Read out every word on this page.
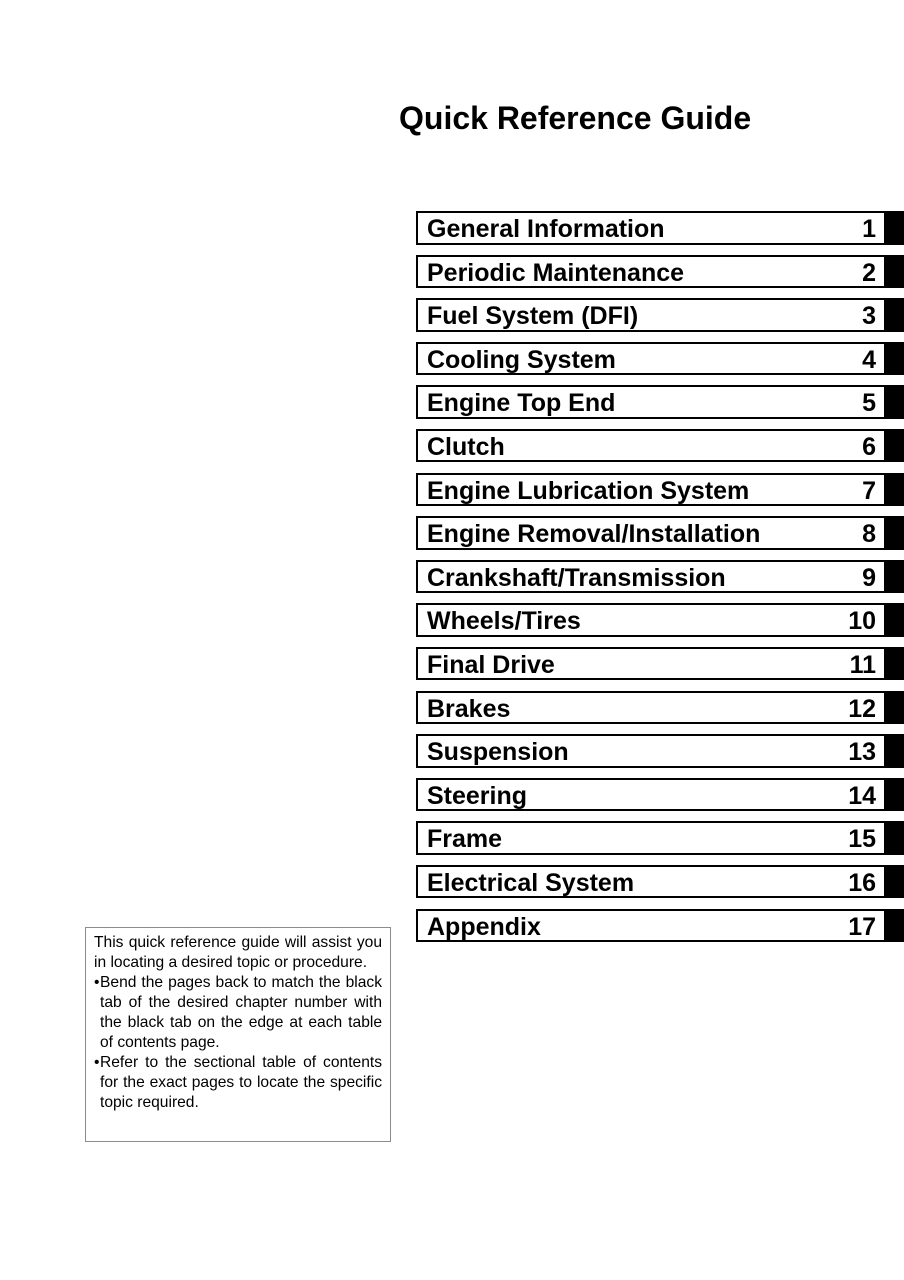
Quick Reference Guide
General Information	1
Periodic Maintenance	2
Fuel System (DFI)	3
Cooling System	4
Engine Top End	5
Clutch	6
Engine Lubrication System	7
Engine Removal/Installation	8
Crankshaft/Transmission	9
Wheels/Tires	10
Final Drive	11
Brakes	12
Suspension	13
Steering	14
Frame	15
Electrical System	16
Appendix	17

This quick reference guide will assist you in locating a desired topic or procedure.

• Bend the pages back to match the black tab of the desired chapter number with the black tab on the edge at each table of contents page.
• Refer to the sectional table of contents for the exact pages to locate the specific topic required.
